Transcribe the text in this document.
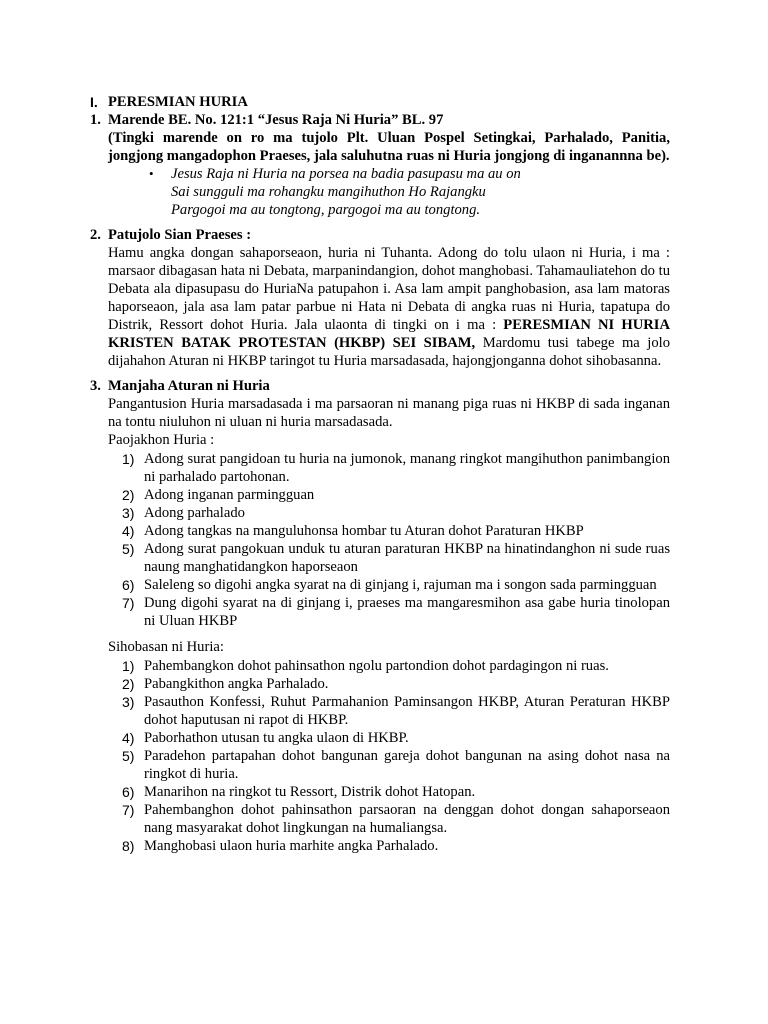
I. PERESMIAN HURIA
1. Marende BE. No. 121:1 “Jesus Raja Ni Huria” BL. 97
(Tingki marende on ro ma tujolo Plt. Uluan Pospel Setingkai, Parhalado, Panitia, jongjong mangadophon Praeses, jala saluhutna ruas ni Huria jongjong di inganannna be).
• Jesus Raja ni Huria na porsea na badia pasupasu ma au on
Sai sungguli ma rohangku mangihuthon Ho Rajangku
Pargogoi ma au tongtong, pargogoi ma au tongtong.
2. Patujolo Sian Praeses :
Hamu angka dongan sahaporseaon, huria ni Tuhanta. Adong do tolu ulaon ni Huria, i ma : marsaor dibagasan hata ni Debata, marpanindangion, dohot manghobasi. Tahamauliatehon do tu Debata ala dipasupasu do HuriaNa patupahon i. Asa lam ampit panghobasion, asa lam matoras haporseaon, jala asa lam patar parbue ni Hata ni Debata di angka ruas ni Huria, tapatupa do Distrik, Ressort dohot Huria. Jala ulaonta di tingki on i ma : PERESMIAN NI HURIA KRISTEN BATAK PROTESTAN (HKBP) SEI SIBAM, Mardomu tusi tabege ma jolo dijahahon Aturan ni HKBP taringot tu Huria marsadasada, hajongjonganna dohot sihobasanna.
3. Manjaha Aturan ni Huria
Pangantusion Huria marsadasada i ma parsaoran ni manang piga ruas ni HKBP di sada inganan na tontu niuluhon ni uluan ni huria marsadasada.
Paojakhon Huria :
1) Adong surat pangidoan tu huria na jumonok, manang ringkot mangihuthon panimbangion ni parhalado partohonan.
2) Adong inganan parmingguan
3) Adong parhalado
4) Adong tangkas na manguluhonsa hombar tu Aturan dohot Paraturan HKBP
5) Adong surat pangokuan unduk tu aturan paraturan HKBP na hinatindanghon ni sude ruas naung manghatidangkon haporseaon
6) Saleleng so digohi angka syarat na di ginjang i, rajuman ma i songon sada parmingguan
7) Dung digohi syarat na di ginjang i, praeses ma mangaresmihon asa gabe huria tinolopan ni Uluan HKBP
Sihobasan ni Huria:
1) Pahembangkon dohot pahinsathon ngolu partondion dohot pardagingon ni ruas.
2) Pabangkithon angka Parhalado.
3) Pasauthon Konfessi, Ruhut Parmahanion Paminsangon HKBP, Aturan Peraturan HKBP dohot haputusan ni rapot di HKBP.
4) Paborhathon utusan tu angka ulaon di HKBP.
5) Paradehon partapahan dohot bangunan gareja dohot bangunan na asing dohot nasa na ringkot di huria.
6) Manarihon na ringkot tu Ressort, Distrik dohot Hatopan.
7) Pahembanghon dohot pahinsathon parsaoran na denggan dohot dongan sahaporseaon nang masyarakat dohot lingkungan na humaliangsa.
8) Manghobasi ulaon huria marhite angka Parhalado.
